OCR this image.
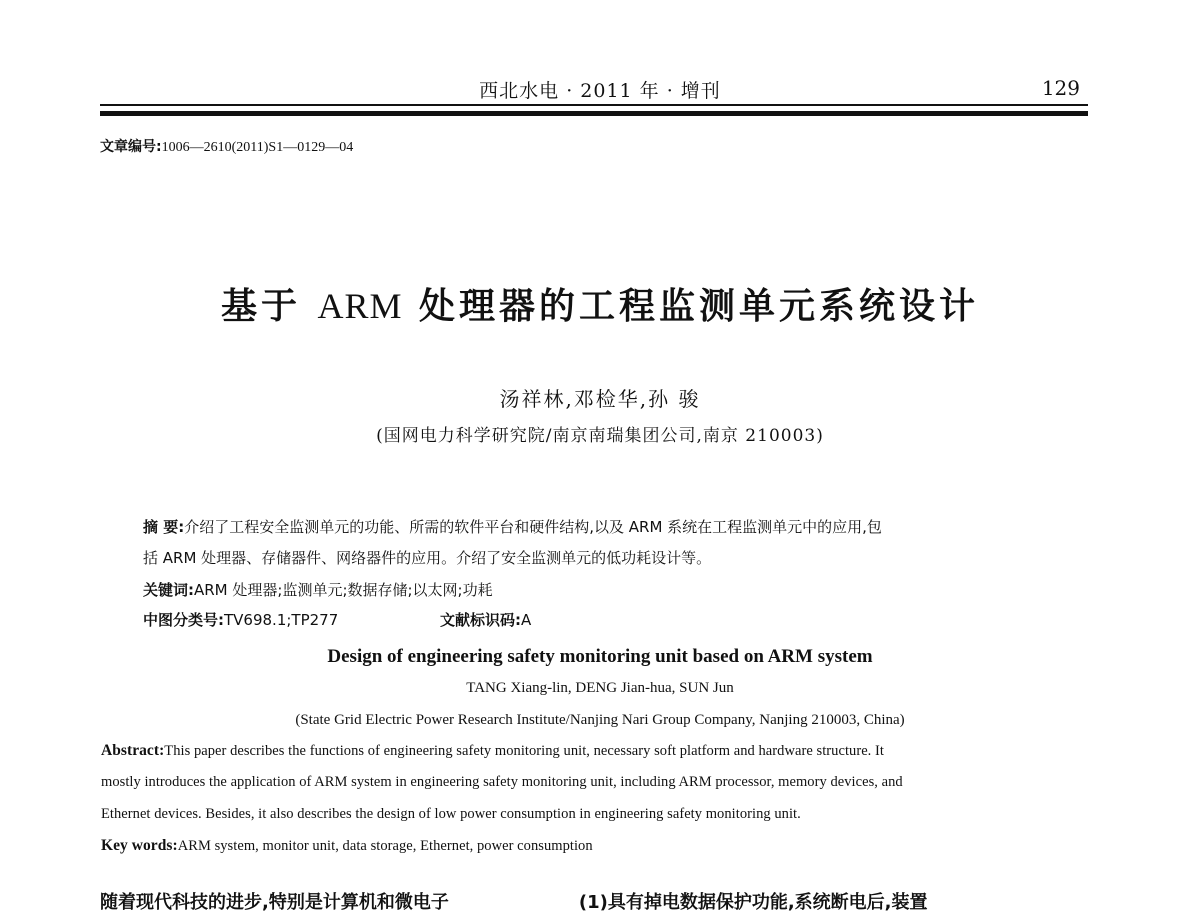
西北水电 · 2011 年 · 增刊	129
文章编号:1006—2610(2011)S1—0129—04
基于 ARM 处理器的工程监测单元系统设计
汤祥林,邓检华,孙 骏
(国网电力科学研究院/南京南瑞集团公司,南京 210003)
摘 要:介绍了工程安全监测单元的功能、所需的软件平台和硬件结构,以及 ARM 系统在工程监测单元中的应用,包
括 ARM 处理器、存储器件、网络器件的应用。介绍了安全监测单元的低功耗设计等。
关键词:ARM 处理器;监测单元;数据存储;以太网;功耗
中图分类号:TV698.1;TP277	文献标识码:A
Design of engineering safety monitoring unit based on ARM system
TANG Xiang-lin, DENG Jian-hua, SUN Jun
(State Grid Electric Power Research Institute/Nanjing Nari Group Company, Nanjing 210003, China)
Abstract:This paper describes the functions of engineering safety monitoring unit, necessary soft platform and hardware structure. It
mostly introduces the application of ARM system in engineering safety monitoring unit, including ARM processor, memory devices, and
Ethernet devices. Besides, it also describes the design of low power consumption in engineering safety monitoring unit.
Key words:ARM system, monitor unit, data storage, Ethernet, power consumption
随着现代科技的进步,特别是计算机和微电子	(1)具有掉电数据保护功能,系统断电后,装置
